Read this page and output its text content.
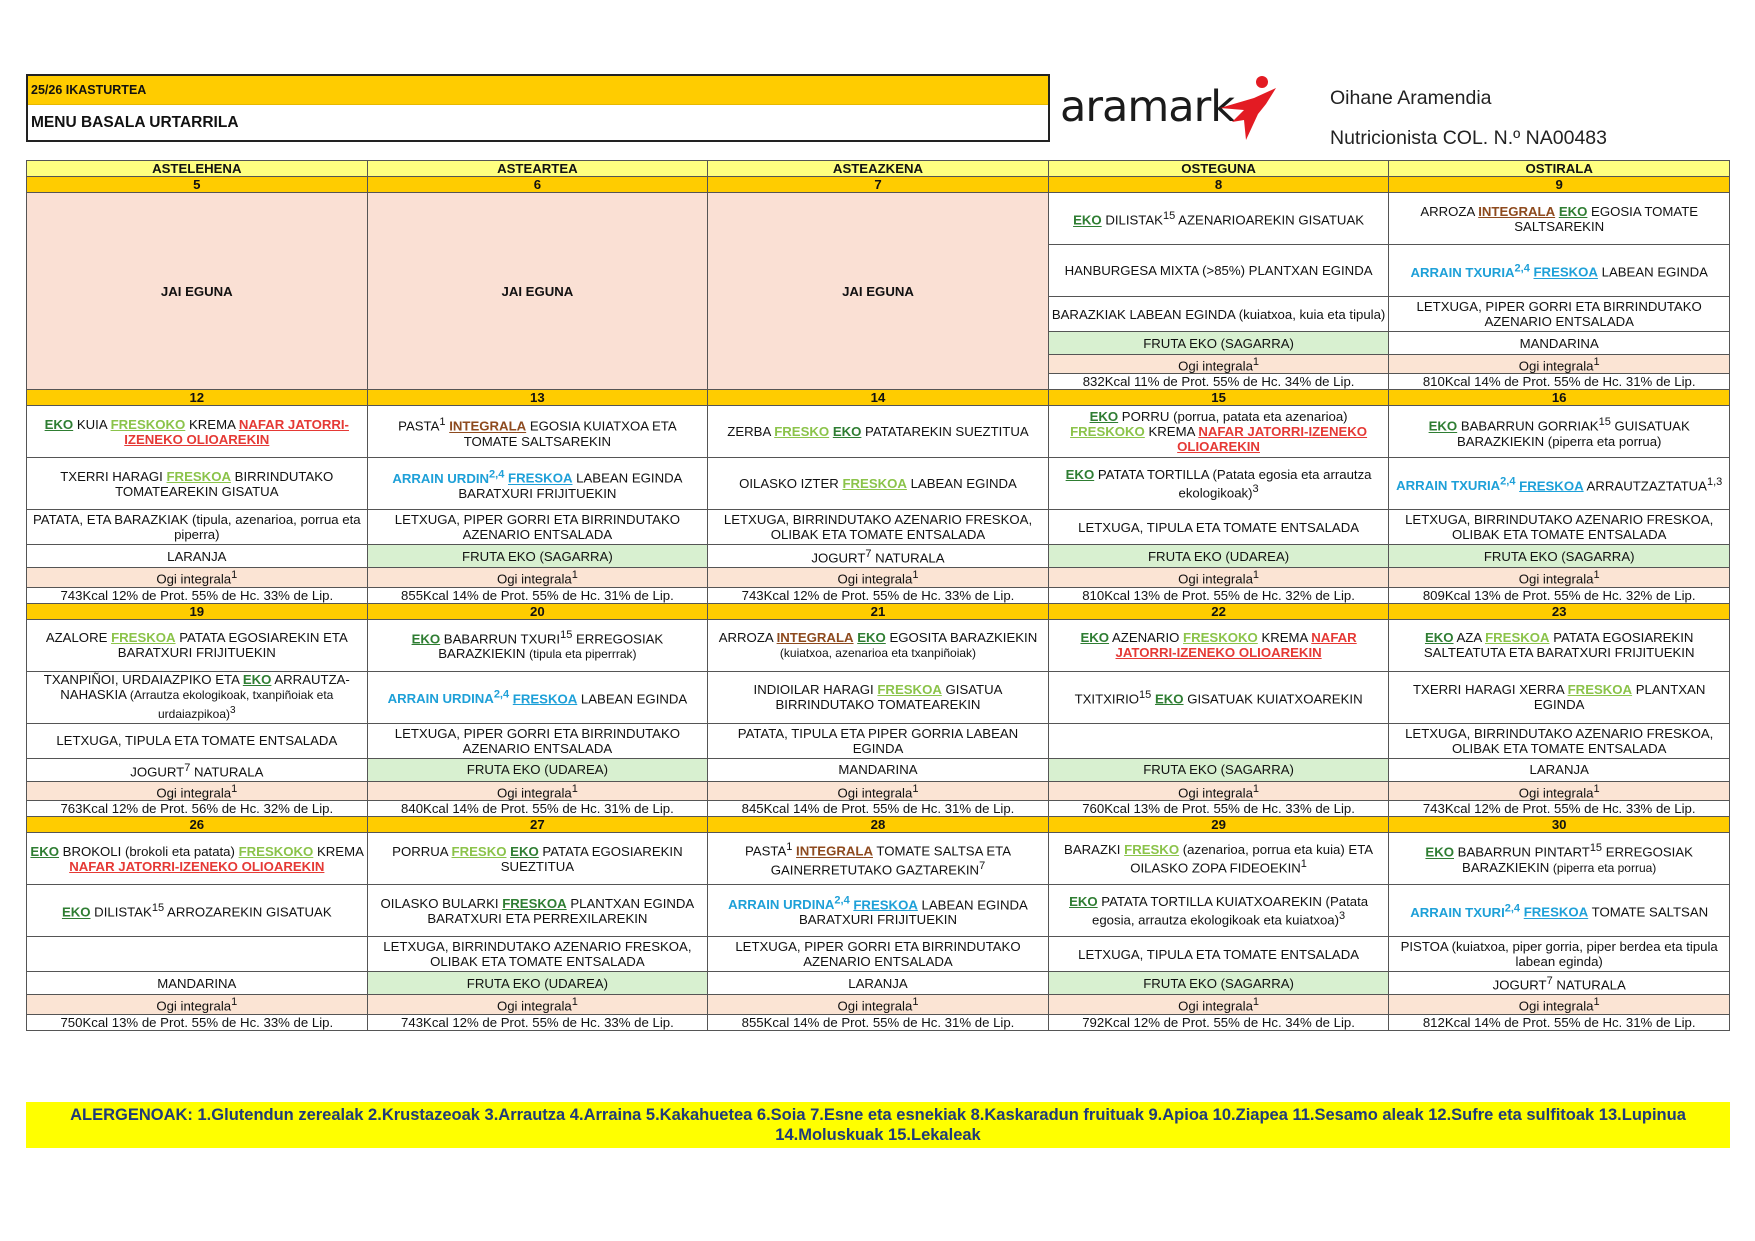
25/26 IKASTURTEA
MENU BASALA URTARRILA	aramark	Oihane Aramendia
Nutricionista COL. N.º NA00483
ASTELEHENA	ASTEARTEA	ASTEAZKENA	OSTEGUNA	OSTIRALA
5	6	7	8	9
JAI EGUNA	JAI EGUNA	JAI EGUNA	EKO DILISTAK$^{15}$ AZENARIOAREKIN GISATUAK	ARROZA INTEGRALA EKO EGOSIA TOMATE SALTSAREKIN
			HANBURGESA MIXTA (>85%) PLANTXAN EGINDA	ARRAIN TXURIA$^{2,4}$ FRESKOA LABEAN EGINDA
			BARAZKIAK LABEAN EGINDA (kuiatxoa, kuia eta tipula)	LETXUGA, PIPER GORRI ETA BIRRINDUTAKO AZENARIO ENTSALADA
			FRUTA EKO (SAGARRA)	MANDARINA
			Ogi integrala$^1$	Ogi integrala$^1$
			832Kcal 11% de Prot. 55% de Hc. 34% de Lip.	810Kcal 14% de Prot. 55% de Hc. 31% de Lip.
12	13	14	15	16
EKO KUIA FRESKOKO KREMA NAFAR JATORRI-IZENEKO OLIOAREKIN	PASTA$^1$ INTEGRALA EGOSIA KUIATXOA ETA TOMATE SALTSAREKIN	ZERBA FRESKO EKO PATATAREKIN SUEZTITUA	EKO PORRU (porrua, patata eta azenarioa) FRESKOKO KREMA NAFAR JATORRI-IZENEKO OLIOAREKIN	EKO BABARRUN GORRIAK$^{15}$ GUISATUAK BARAZKIEKIN (piperra eta porrua)
TXERRI HARAGI FRESKOA BIRRINDUTAKO TOMATEAREKIN GISATUA	ARRAIN URDIN$^{2,4}$ FRESKOA LABEAN EGINDA BARATXURI FRIJITUEKIN	OILASKO IZTER FRESKOA LABEAN EGINDA	EKO PATATA TORTILLA (Patata egosia eta arrautza ekologikoak)$^3$	ARRAIN TXURIA$^{2,4}$ FRESKOA ARRAUTZAZTATUA$^{1,3}$
PATATA, ETA BARAZKIAK (tipula, azenarioa, porrua eta piperra)	LETXUGA, PIPER GORRI ETA BIRRINDUTAKO AZENARIO ENTSALADA	LETXUGA, BIRRINDUTAKO AZENARIO FRESKOA, OLIBAK ETA TOMATE ENTSALADA	LETXUGA, TIPULA ETA TOMATE ENTSALADA	LETXUGA, BIRRINDUTAKO AZENARIO FRESKOA, OLIBAK ETA TOMATE ENTSALADA
LARANJA	FRUTA EKO (SAGARRA)	JOGURT$^7$ NATURALA	FRUTA EKO (UDAREA)	FRUTA EKO (SAGARRA)
Ogi integrala$^1$	Ogi integrala$^1$	Ogi integrala$^1$	Ogi integrala$^1$	Ogi integrala$^1$
743Kcal 12% de Prot. 55% de Hc. 33% de Lip.	855Kcal 14% de Prot. 55% de Hc. 31% de Lip.	743Kcal 12% de Prot. 55% de Hc. 33% de Lip.	810Kcal 13% de Prot. 55% de Hc. 32% de Lip.	809Kcal 13% de Prot. 55% de Hc. 32% de Lip.
19	20	21	22	23
AZALORE FRESKOA PATATA EGOSIAREKIN ETA BARATXURI FRIJITUEKIN	EKO BABARRUN TXURI$^{15}$ ERREGOSIAK BARAZKIEKIN (tipula eta piperrrak)	ARROZA INTEGRALA EKO EGOSITA BARAZKIEKIN (kuiatxoa, azenarioa eta txanpiñoiak)	EKO AZENARIO FRESKOKO KREMA NAFAR JATORRI-IZENEKO OLIOAREKIN	EKO AZA FRESKOA PATATA EGOSIAREKIN SALTEATUTA ETA BARATXURI FRIJITUEKIN
TXANPIÑOI, URDAIAZPIKO ETA EKO ARRAUTZA-NAHASKIA (Arrautza ekologikoak, txanpiñoiak eta urdaiazpikoa)$^3$	ARRAIN URDINA$^{2,4}$ FRESKOA LABEAN EGINDA	INDIOILAR HARAGI FRESKOA GISATUA BIRRINDUTAKO TOMATEAREKIN	TXITXIRIO$^{15}$ EKO GISATUAK KUIATXOAREKIN	TXERRI HARAGI XERRA FRESKOA PLANTXAN EGINDA
LETXUGA, TIPULA ETA TOMATE ENTSALADA	LETXUGA, PIPER GORRI ETA BIRRINDUTAKO AZENARIO ENTSALADA	PATATA, TIPULA ETA PIPER GORRIA LABEAN EGINDA		LETXUGA, BIRRINDUTAKO AZENARIO FRESKOA, OLIBAK ETA TOMATE ENTSALADA
JOGURT$^7$ NATURALA	FRUTA EKO (UDAREA)	MANDARINA	FRUTA EKO (SAGARRA)	LARANJA
Ogi integrala$^1$	Ogi integrala$^1$	Ogi integrala$^1$	Ogi integrala$^1$	Ogi integrala$^1$
763Kcal 12% de Prot. 56% de Hc. 32% de Lip.	840Kcal 14% de Prot. 55% de Hc. 31% de Lip.	845Kcal 14% de Prot. 55% de Hc. 31% de Lip.	760Kcal 13% de Prot. 55% de Hc. 33% de Lip.	743Kcal 12% de Prot. 55% de Hc. 33% de Lip.
26	27	28	29	30
EKO BROKOLI (brokoli eta patata) FRESKOKO KREMA NAFAR JATORRI-IZENEKO OLIOAREKIN	PORRUA FRESKO EKO PATATA EGOSIAREKIN SUEZTITUA	PASTA$^1$ INTEGRALA TOMATE SALTSA ETA GAINERRETUTAKO GAZTAREKIN$^7$	BARAZKI FRESKO (azenarioa, porrua eta kuia) ETA OILASKO ZOPA FIDEOEKIN$^1$	EKO BABARRUN PINTART$^{15}$ ERREGOSIAK BARAZKIEKIN (piperra eta porrua)
EKO DILISTAK$^{15}$ ARROZAREKIN GISATUAK	OILASKO BULARKI FRESKOA PLANTXAN EGINDA BARATXURI ETA PERREXILAREKIN	ARRAIN URDINA$^{2,4}$ FRESKOA LABEAN EGINDA BARATXURI FRIJITUEKIN	EKO PATATA TORTILLA KUIATXOAREKIN (Patata egosia, arrautza ekologikoak eta kuiatxoa)$^3$	ARRAIN TXURI$^{2,4}$ FRESKOA TOMATE SALTSAN
	LETXUGA, BIRRINDUTAKO AZENARIO FRESKOA, OLIBAK ETA TOMATE ENTSALADA	LETXUGA, PIPER GORRI ETA BIRRINDUTAKO AZENARIO ENTSALADA	LETXUGA, TIPULA ETA TOMATE ENTSALADA	PISTOA (kuiatxoa, piper gorria, piper berdea eta tipula labean egindа)
MANDARINA	FRUTA EKO (UDAREA)	LARANJA	FRUTA EKO (SAGARRA)	JOGURT$^7$ NATURALA
Ogi integrala$^1$	Ogi integrala$^1$	Ogi integrala$^1$	Ogi integrala$^1$	Ogi integrala$^1$
750Kcal 13% de Prot. 55% de Hc. 33% de Lip.	743Kcal 12% de Prot. 55% de Hc. 33% de Lip.	855Kcal 14% de Prot. 55% de Hc. 31% de Lip.	792Kcal 12% de Prot. 55% de Hc. 34% de Lip.	812Kcal 14% de Prot. 55% de Hc. 31% de Lip.
ALERGENOAK: 1.Glutendun zerealak 2.Krustazeoak 3.Arrautza 4.Arraina 5.Kakahuetea 6.Soia 7.Esne eta esnekiak 8.Kaskaradun fruituak 9.Apioa 10.Ziapea 11.Sesamo aleak 12.Sufre eta sulfitoak 13.Lupinua 14.Moluskuak 15.Lekaleak
